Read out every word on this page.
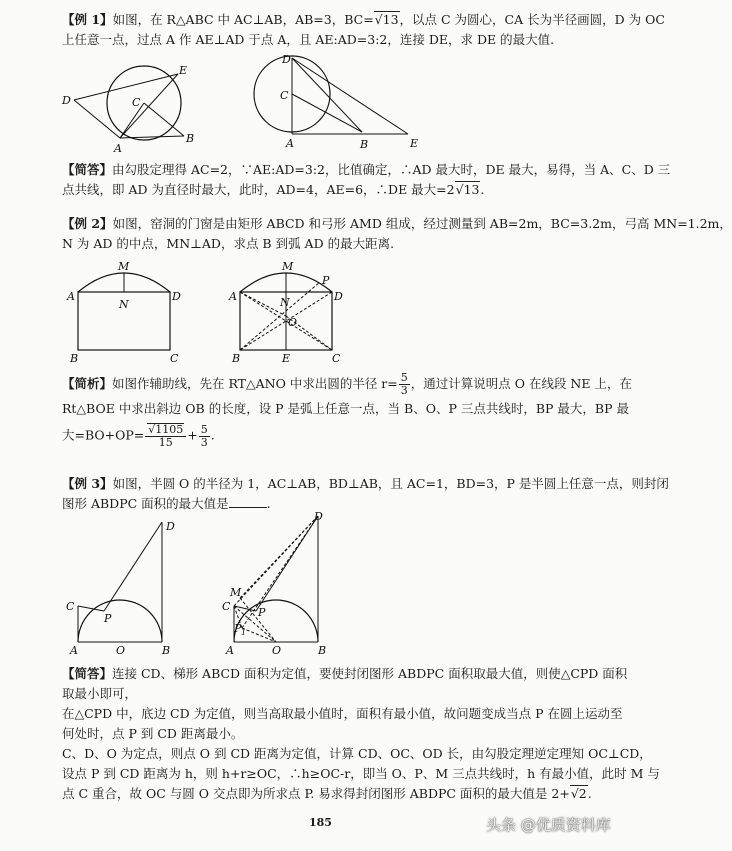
【例 1】如图，在 R△ABC 中 AC⊥AB，AB=3，BC= √ 13，以点 C 为圆心，CA 长为半径画圆，D 为 OC
上任意一点，过点 A 作 AE⊥AD 于点 A，且 AE:AD=3:2，连接 DE，求 DE 的最大值.
D
E
C
A
B
D
C
A	B	E
【简答】由勾股定理得 AC=2，∵AE:AD=3:2，比值确定，∴AD 最大时，DE 最大，易得，当 A、C、D 三
点共线，即 AD 为直径时最大，此时，AD=4，AE=6，∴DE 最大=2 √ 13.
【例 2】如图，窑洞的门窗是由矩形 ABCD 和弓形 AMD 组成，经过测量到 AB=2m，BC=3.2m，弓高 MN=1.2m，
N 为 AD 的中点，MN⊥AD，求点 B 到弧 AD 的最大距离.
M
A	D
N
B	C
M
P
A	D
N
O
B	E	C
【简析】如图作辅助线，先在 RT△ANO 中求出圆的半径 $r= \frac{5}{3}$ ，通过计算说明点 O 在线段 NE 上，在
Rt△BOE 中求出斜边 OB 的长度，设 P 是弧上任意一点，当 B、O、P 三点共线时，BP 最大，BP 最
大=BO+OP= √ $\frac{1105}{15} + \frac{5}{3}$ .
【例 3】如图，半圆 O 的半径为 1，AC⊥AB，BD⊥AB，且 AC=1，BD=3，P 是半圆上任意一点，则封闭
图形 ABDPC 面积的最大值是	.
D
C
P
A	O	B
D
M
C	P
P 1
A	O	B
【简答】连接 CD、梯形 ABCD 面积为定值，要使封闭图形 ABDPC 面积取最大值，则使△CPD 面积
取最小即可，
在△CPD 中，底边 CD 为定值，则当高取最小值时，面积有最小值，故问题变成当点 P 在圆上运动至
何处时，点 P 到 CD 距离最小。
C、D、O 为定点，则点 O 到 CD 距离为定值，计算 CD、OC、OD 长，由勾股定理逆定理知 OC⊥CD，
设点 P 到 CD 距离为 h，则 h+r≥OC，∴h≥OC-r，即当 O、P、M 三点共线时，h 有最小值，此时 M 与
点 C 重合，故 OC 与圆 O 交点即为所求点 P. 易求得封闭图形 ABDPC 面积的最大值是 2+ √ 2.
185	头条 @优质资料库
